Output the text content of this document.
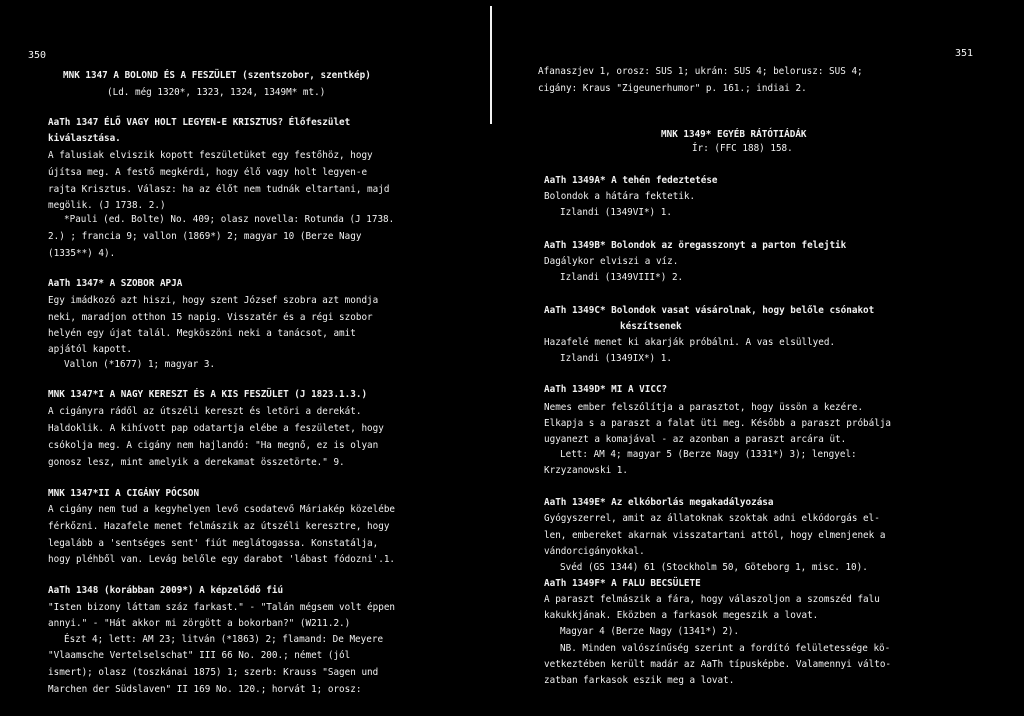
350
MNK 1347 A BOLOND ÉS A FESZÜLET (szentszobor, szentkép)
(Ld. még 1320*, 1323, 1324, 1349M* mt.)
AaTh 1347 ÉLŐ VAGY HOLT LEGYEN-E KRISZTUS? Élőfeszület
kiválasztása.
A falusiak elviszik kopott feszületüket egy festőhöz, hogy
újítsa meg. A festő megkérdi, hogy élő vagy holt legyen-e
rajta Krisztus. Válasz: ha az élőt nem tudnák eltartani, majd
megölik. (J 1738. 2.)
*Pauli (ed. Bolte) No. 409; olasz novella: Rotunda (J 1738.
2.) ; francia 9; vallon (1869*) 2; magyar 10 (Berze Nagy
(1335**) 4).
AaTh 1347* A SZOBOR APJA
Egy imádkozó azt hiszi, hogy szent József szobra azt mondja
neki, maradjon otthon 15 napig. Visszatér és a régi szobor
helyén egy újat talál. Megköszöni neki a tanácsot, amit
apjától kapott.
Vallon (*1677) 1; magyar 3.
MNK 1347*I A NAGY KERESZT ÉS A KIS FESZÜLET (J 1823.1.3.)
A cigányra rádől az útszéli kereszt és letöri a derekát.
Haldoklik. A kihívott pap odatartja elébe a feszületet, hogy
csókolja meg. A cigány nem hajlandó: "Ha megnő, ez is olyan
gonosz lesz, mint amelyik a derekamat összetörte." 9.
MNK 1347*II A CIGÁNY PÓCSON
A cigány nem tud a kegyhelyen levő csodatevő Máriakép közelébe
férkőzni. Hazafele menet felmászik az útszéli keresztre, hogy
legalább a 'sentséges sent' fiút meglátogassa. Konstatálja,
hogy pléhből van. Levág belőle egy darabot 'lábast fódozni'.1.
AaTh 1348 (korábban 2009*) A képzelődő fiú
"Isten bizony láttam száz farkast." - "Talán mégsem volt éppen
annyi." - "Hát akkor mi zörgött a bokorban?" (W211.2.)
Észt 4; lett: AM 23; litván (*1863) 2; flamand: De Meyere
"Vlaamsche Vertelselschat" III 66 No. 200.; német (jól
ismert); olasz (toszkánai 1875) 1; szerb: Krauss "Sagen und
Marchen der Südslaven" II 169 No. 120.; horvát 1; orosz:
351
Afanaszjev 1, orosz: SUS 1; ukrán: SUS 4; belorusz: SUS 4;
cigány: Kraus "Zigeunerhumor" p. 161.; indiai 2.
MNK 1349* EGYÉB RÁTÓTIÁDÁK
Ír: (FFC 188) 158.
AaTh 1349A* A tehén fedeztetése
Bolondok a hátára fektetik.
Izlandi (1349VI*) 1.
AaTh 1349B* Bolondok az öregasszonyt a parton felejtik
Dagálykor elviszi a víz.
Izlandi (1349VIII*) 2.
AaTh 1349C* Bolondok vasat vásárolnak, hogy belőle csónakot
készítsenek
Hazafelé menet ki akarják próbálni. A vas elsüllyed.
Izlandi (1349IX*) 1.
AaTh 1349D* MI A VICC?
Nemes ember felszólítja a parasztot, hogy üssön a kezére.
Elkapja s a paraszt a falat üti meg. Később a paraszt próbálja
ugyanezt a komajával - az azonban a paraszt arcára üt.
Lett: AM 4; magyar 5 (Berze Nagy (1331*) 3); lengyel:
Krzyzanowski 1.
AaTh 1349E* Az elkóborlás megakadályozása
Gyógyszerrel, amit az állatoknak szoktak adni elkódorgás el-
len, embereket akarnak visszatartani attól, hogy elmenjenek a
vándorcigányokkal.
Svéd (GS 1344) 61 (Stockholm 50, Göteborg 1, misc. 10).
AaTh 1349F* A FALU BECSÜLETE
A paraszt felmászik a fára, hogy válaszoljon a szomszéd falu
kakukkjának. Eközben a farkasok megeszik a lovat.
Magyar 4 (Berze Nagy (1341*) 2).
NB. Minden valószínűség szerint a fordító felületessége kö-
vetkeztében került madár az AaTh típusképbe. Valamennyi válto-
zatban farkasok eszik meg a lovat.
